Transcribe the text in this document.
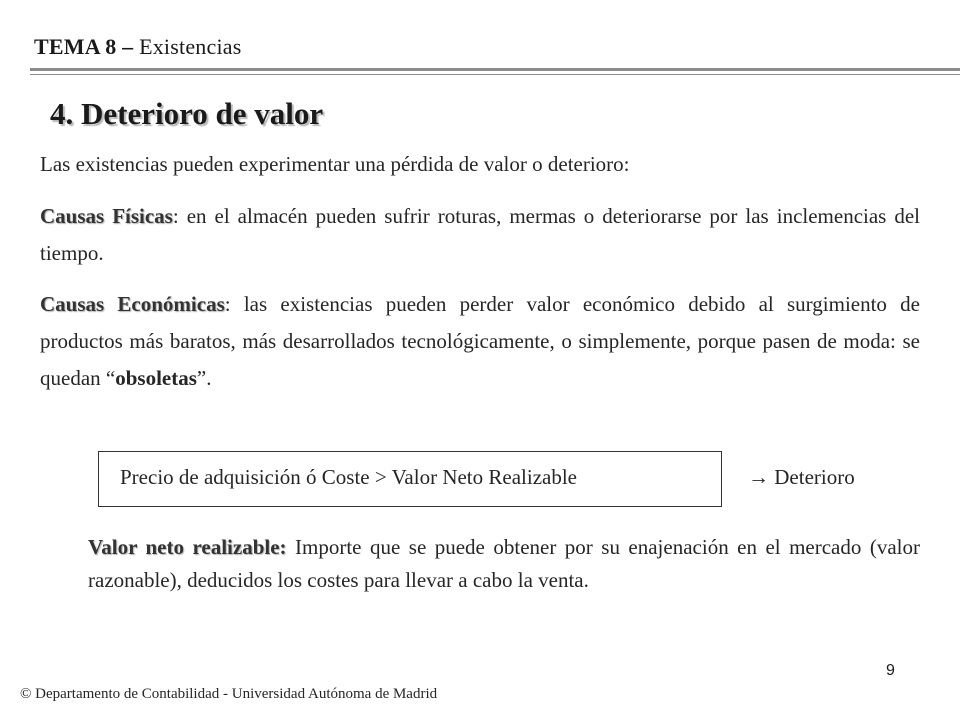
TEMA 8 – Existencias
4. Deterioro de valor
Las existencias pueden experimentar una pérdida de valor o deterioro:
Causas Físicas: en el almacén pueden sufrir roturas, mermas o deteriorarse por las inclemencias del tiempo.
Causas Económicas: las existencias pueden perder valor económico debido al surgimiento de productos más baratos, más desarrollados tecnológicamente, o simplemente, porque pasen de moda: se quedan “obsoletas”.
Precio de adquisición ó Coste > Valor Neto Realizable	→ Deterioro
Valor neto realizable: Importe que se puede obtener por su enajenación en el mercado (valor razonable), deducidos los costes para llevar a cabo la venta.
9
© Departamento de Contabilidad - Universidad Autónoma de Madrid
